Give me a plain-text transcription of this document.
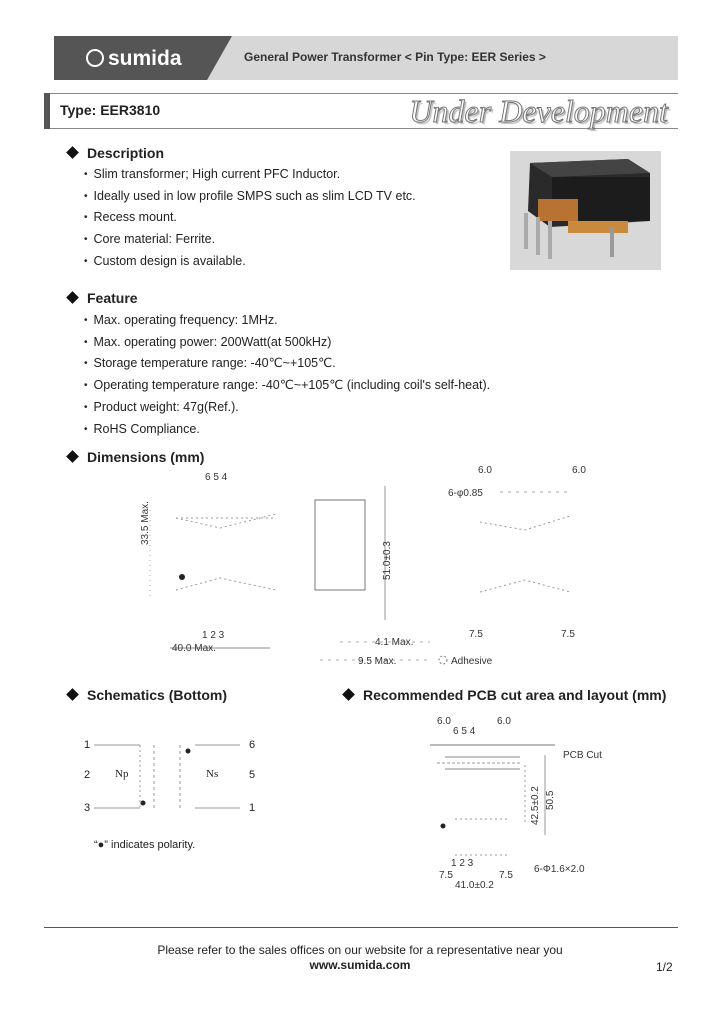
sumida	General Power Transformer < Pin Type: EER Series >
Type: EER3810	Under Development
Description
• Slim transformer; High current PFC Inductor.
• Ideally used in low profile SMPS such as slim LCD TV etc.
• Recess mount.
• Core material: Ferrite.
• Custom design is available.
Feature
• Max. operating frequency: 1MHz.
• Max. operating power: 200Watt(at 500kHz)
• Storage temperature range: -40℃~+105℃.
• Operating temperature range: -40℃~+105℃ (including coil's self-heat).
• Product weight: 47g(Ref.).
• RoHS Compliance.
Dimensions (mm)
6 5 4
33.5 Max.
1 2 3
40.0 Max.
51.0±0.3
4.1 Max.
9.5 Max.	Adhesive
6.0	6.0
6-φ0.85
7.5	7.5
Schematics (Bottom)
1
2
3
6
5
1
Np	Ns
“●” indicates polarity.
Recommended PCB cut area and layout (mm)
6.0	6.0
6 5 4
PCB Cut
42.5±0.2 50.5
1 2 3
7.5	7.5
41.0±0.2
6-Φ1.6×2.0
Please refer to the sales offices on our website for a representative near you
www.sumida.com	1/2
